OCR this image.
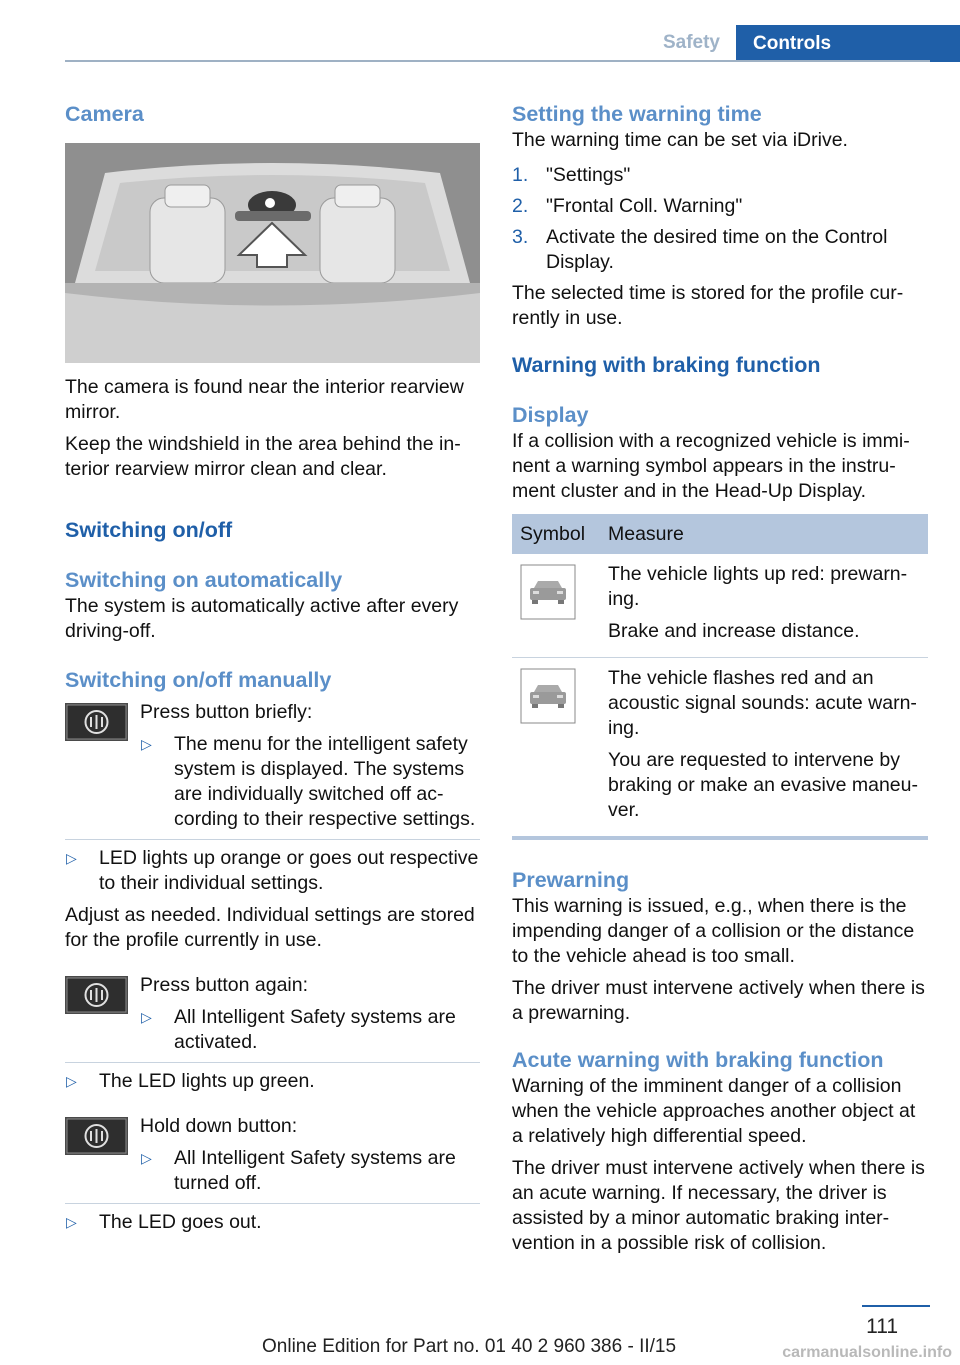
Safety	Controls
Camera

The camera is found near the interior rearview mirror.

Keep the windshield in the area behind the interior rearview mirror clean and clear.

Switching on/off
Switching on automatically

The system is automatically active after every driving-off.

Switching on/off manually
Press button briefly:
▷ The menu for the intelligent safety system is displayed. The systems are individually switched off according to their respective settings.
▷ LED lights up orange or goes out respective to their individual settings.

Adjust as needed. Individual settings are stored for the profile currently in use.

Press button again:
▷ All Intelligent Safety systems are activated.
▷ The LED lights up green.
Hold down button:
▷ All Intelligent Safety systems are turned off.
▷ The LED goes out.
Setting the warning time

The warning time can be set via iDrive.

1. "Settings"
2. "Frontal Coll. Warning"
3. Activate the desired time on the Control Display.

The selected time is stored for the profile currently in use.

Warning with braking function
Display

If a collision with a recognized vehicle is imminent a warning symbol appears in the instrument cluster and in the Head-Up Display.

Symbol	Measure

The vehicle lights up red: prewarning.

Brake and increase distance.

The vehicle flashes red and an acoustic signal sounds: acute warning.

You are requested to intervene by braking or make an evasive maneuver.

Prewarning

This warning is issued, e.g., when there is the impending danger of a collision or the distance to the vehicle ahead is too small.

The driver must intervene actively when there is a prewarning.

Acute warning with braking function

Warning of the imminent danger of a collision when the vehicle approaches another object at a relatively high differential speed.

The driver must intervene actively when there is an acute warning. If necessary, the driver is assisted by a minor automatic braking intervention in a possible risk of collision.

111
Online Edition for Part no. 01 40 2 960 386 - II/15	carmanualsonline.info
